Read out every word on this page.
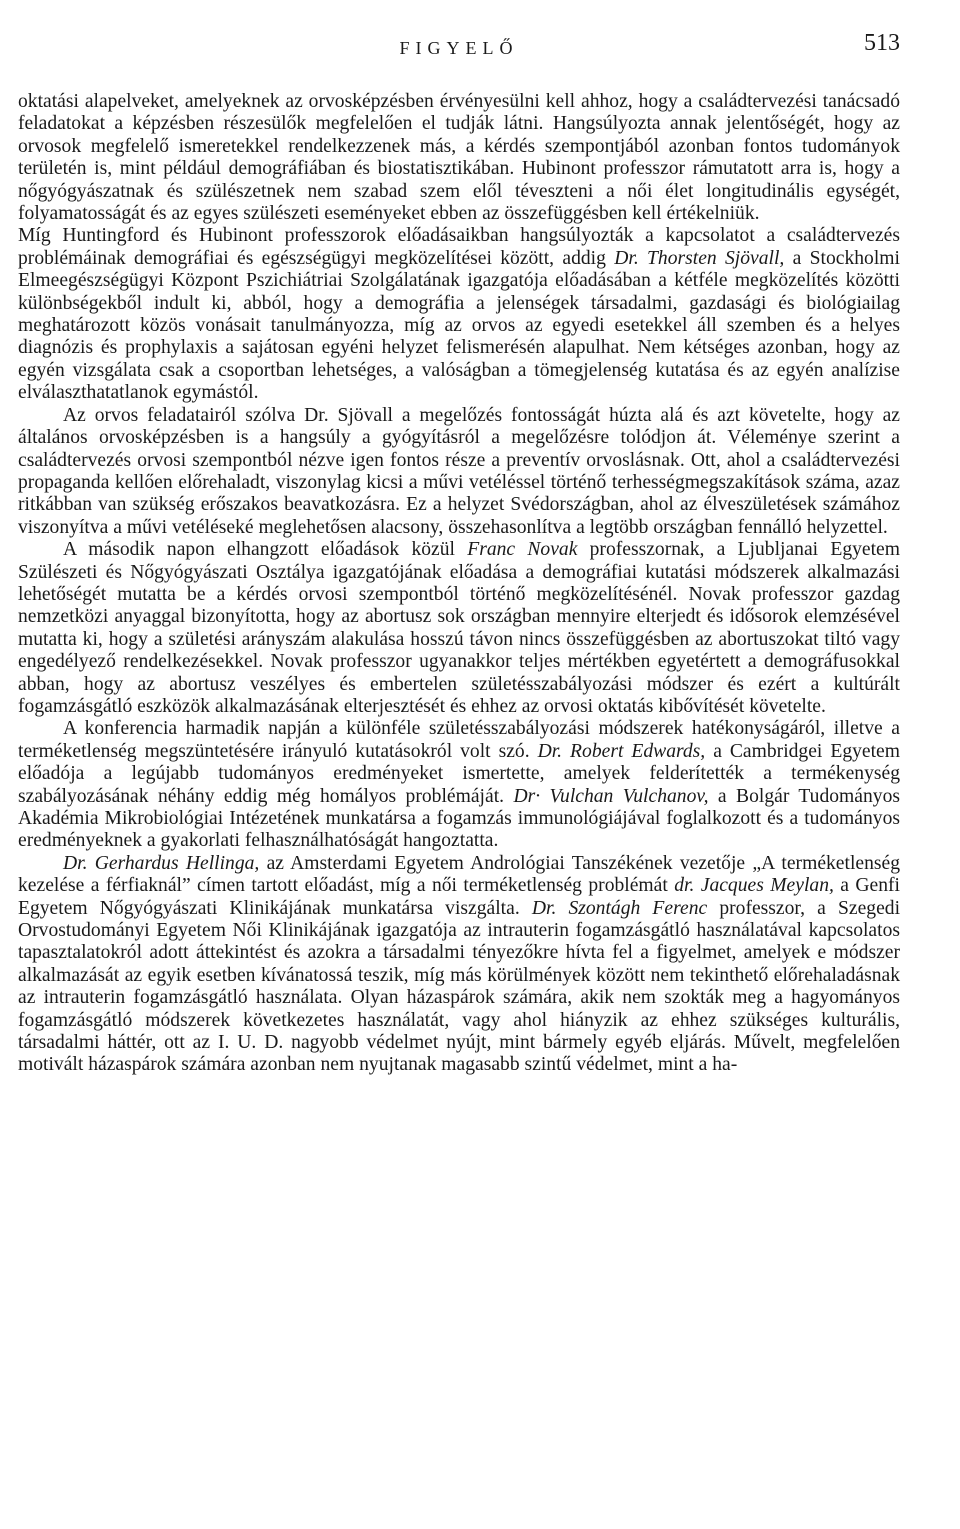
FIGYELŐ	513

oktatási alapelveket, amelyeknek az orvosképzésben érvényesülni kell ahhoz, hogy a családtervezési tanácsadó feladatokat a képzésben részesülők megfelelően el tudják látni. Hangsúlyozta annak jelentőségét, hogy az orvosok megfelelő ismeretekkel rendelkezzenek más, a kérdés szempontjából azonban fontos tudományok területén is, mint például demográfiában és biostatisztikában. Hubinont professzor rámutatott arra is, hogy a nőgyógyászatnak és szülészetnek nem szabad szem elől téveszteni a női élet longitudinális egységét, folyamatosságát és az egyes szülészeti eseményeket ebben az összefüggésben kell értékelniük.

Míg Huntingford és Hubinont professzorok előadásaikban hangsúlyozták a kapcsolatot a családtervezés problémáinak demográfiai és egészségügyi megközelítései között, addig Dr. Thorsten Sjövall, a Stockholmi Elmeegészségügyi Központ Pszichiátriai Szolgálatának igazgatója előadásában a kétféle megközelítés közötti különbségekből indult ki, abból, hogy a demográfia a jelenségek társadalmi, gazdasági és biológiailag meghatározott közös vonásait tanulmányozza, míg az orvos az egyedi esetekkel áll szemben és a helyes diagnózis és prophylaxis a sajátosan egyéni helyzet felismerésén alapulhat. Nem kétséges azonban, hogy az egyén vizsgálata csak a csoportban lehetséges, a valóságban a tömegjelenség kutatása és az egyén analízise elválaszthatatlanok egymástól.

Az orvos feladatairól szólva Dr. Sjövall a megelőzés fontosságát húzta alá és azt követelte, hogy az általános orvosképzésben is a hangsúly a gyógyításról a megelőzésre tolódjon át. Véleménye szerint a családtervezés orvosi szempontból nézve igen fontos része a preventív orvoslásnak. Ott, ahol a családtervezési propaganda kellően előrehaladt, viszonylag kicsi a művi vetéléssel történő terhességmegszakítások száma, azaz ritkábban van szükség erőszakos beavatkozásra. Ez a helyzet Svédországban, ahol az élveszületések számához viszonyítva a művi vetéléseké meglehetősen alacsony, összehasonlítva a legtöbb országban fennálló helyzettel.

A második napon elhangzott előadások közül Franc Novak professzornak, a Ljubljanai Egyetem Szülészeti és Nőgyógyászati Osztálya igazgatójának előadása a demográfiai kutatási módszerek alkalmazási lehetőségét mutatta be a kérdés orvosi szempontból történő megközelítésénél. Novak professzor gazdag nemzetközi anyaggal bizonyította, hogy az abortusz sok országban mennyire elterjedt és idősorok elemzésével mutatta ki, hogy a születési arányszám alakulása hosszú távon nincs összefüggésben az abortuszokat tiltó vagy engedélyező rendelkezésekkel. Novak professzor ugyanakkor teljes mértékben egyetértett a demográfusokkal abban, hogy az abortusz veszélyes és embertelen születésszabályozási módszer és ezért a kultúrált fogamzásgátló eszközök alkalmazásának elterjesztését és ehhez az orvosi oktatás kibővítését követelte.

A konferencia harmadik napján a különféle születésszabályozási módszerek hatékonyságáról, illetve a terméketlenség megszüntetésére irányuló kutatásokról volt szó. Dr. Robert Edwards, a Cambridgei Egyetem előadója a legújabb tudományos eredményeket ismertette, amelyek felderítették a termékenység szabályozásának néhány eddig még homályos problémáját. Dr· Vulchan Vulchanov, a Bolgár Tudományos Akadémia Mikrobiológiai Intézetének munkatársa a fogamzás immunológiájával foglalkozott és a tudományos eredményeknek a gyakorlati felhasználhatóságát hangoztatta.

Dr. Gerhardus Hellinga, az Amsterdami Egyetem Andrológiai Tanszékének vezetője „A terméketlenség kezelése a férfiaknál” címen tartott előadást, míg a női terméketlenség problémát dr. Jacques Meylan, a Genfi Egyetem Nőgyógyászati Klinikájának munkatársa viszgálta. Dr. Szontágh Ferenc professzor, a Szegedi Orvostudományi Egyetem Női Klinikájának igazgatója az intrauterin fogamzásgátló használatával kapcsolatos tapasztalatokról adott áttekintést és azokra a társadalmi tényezőkre hívta fel a figyelmet, amelyek e módszer alkalmazását az egyik esetben kívánatossá teszik, míg más körülmények között nem tekinthető előrehaladásnak az intrauterin fogamzásgátló használata. Olyan házaspárok számára, akik nem szokták meg a hagyományos fogamzásgátló módszerek következetes használatát, vagy ahol hiányzik az ehhez szükséges kulturális, társadalmi háttér, ott az I. U. D. nagyobb védelmet nyújt, mint bármely egyéb eljárás. Művelt, megfelelően motivált házaspárok számára azonban nem nyujtanak magasabb szintű védelmet, mint a ha-
